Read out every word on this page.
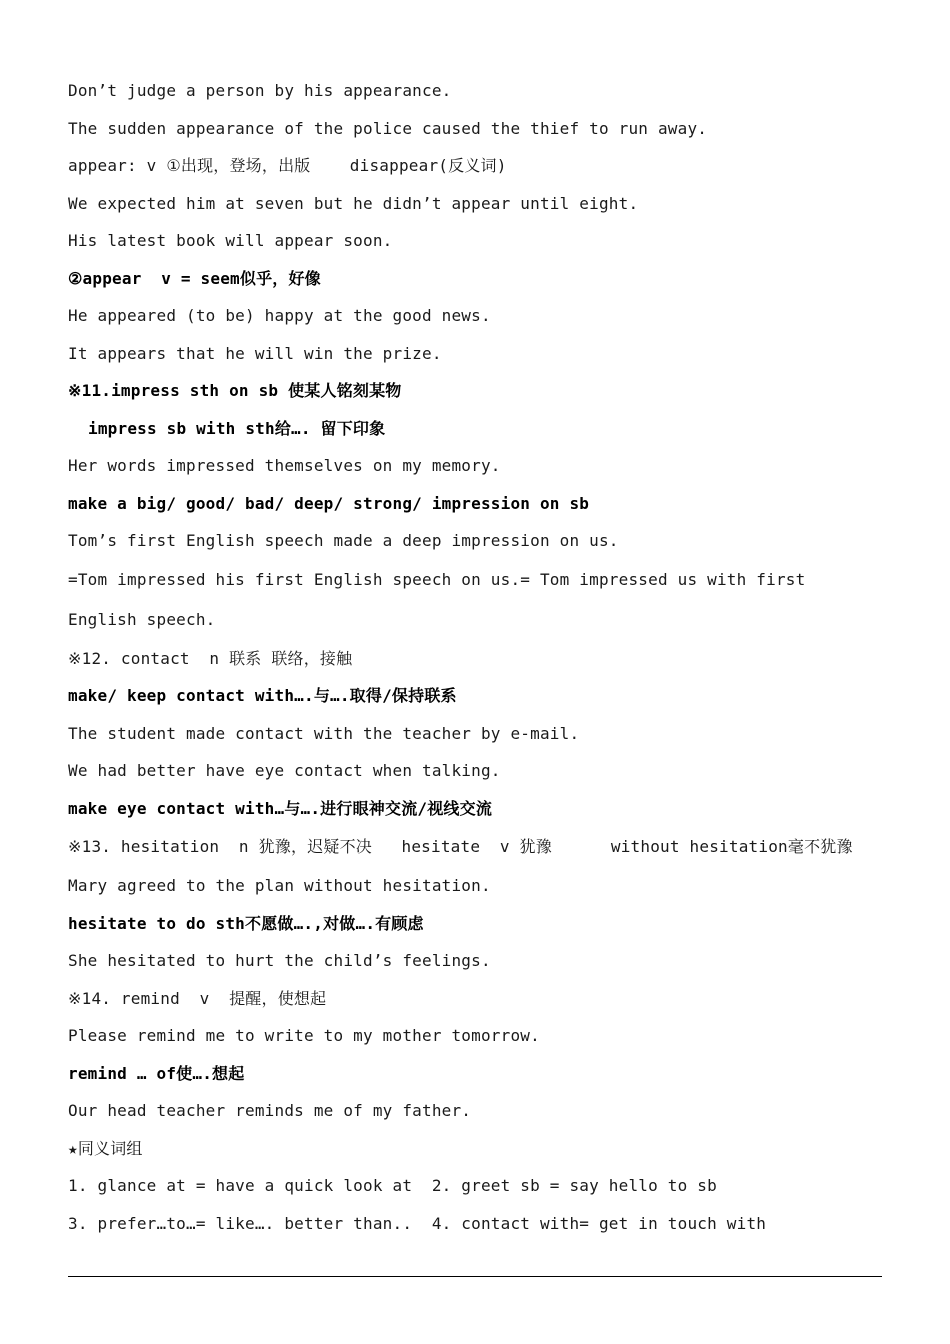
Don’t judge a person by his appearance.
The sudden appearance of the police caused the thief to run away.
appear: v ①出现，登场，出版    disappear(反义词)
We expected him at seven but he didn’t appear until eight.
His latest book will appear soon.
②appear  v = seem似乎，好像
He appeared (to be) happy at the good news.
It appears that he will win the prize.
※11.impress sth on sb 使某人铭刻某物
impress sb with sth给…. 留下印象
Her words impressed themselves on my memory.
make a big/ good/ bad/ deep/ strong/ impression on sb
Tom’s first English speech made a deep impression on us.
=Tom impressed his first English speech on us.= Tom impressed us with first English speech.
※12. contact  n 联系 联络，接触
make/ keep contact with….与….取得/保持联系
The student made contact with the teacher by e-mail.
We had better have eye contact when talking.
make eye contact with…与….进行眼神交流/视线交流
※13. hesitation  n 犹豫，迟疑不决   hesitate  v 犹豫      without hesitation毫不犹豫
Mary agreed to the plan without hesitation.
hesitate to do sth不愿做….,对做….有顾虑
She hesitated to hurt the child’s feelings.
※14. remind  v  提醒，使想起
Please remind me to write to my mother tomorrow.
remind … of使….想起
Our head teacher reminds me of my father.
★同义词组
1. glance at = have a quick look at  2. greet sb = say hello to sb
3. prefer…to…= like…. better than..  4. contact with= get in touch with
